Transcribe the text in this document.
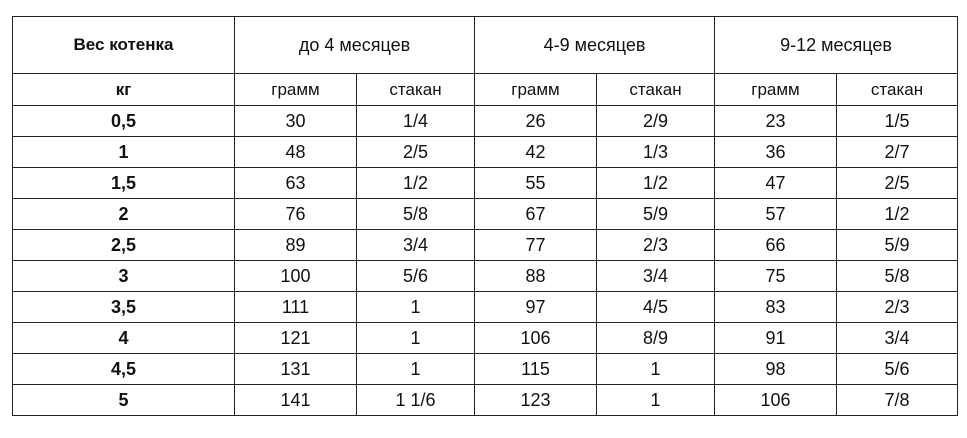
Вес котенка	до 4 месяцев		4-9 месяцев		9-12 месяцев	
кг	грамм	стакан	грамм	стакан	грамм	стакан
0,5	30	1/4	26	2/9	23	1/5
1	48	2/5	42	1/3	36	2/7
1,5	63	1/2	55	1/2	47	2/5
2	76	5/8	67	5/9	57	1/2
2,5	89	3/4	77	2/3	66	5/9
3	100	5/6	88	3/4	75	5/8
3,5	111	1	97	4/5	83	2/3
4	121	1	106	8/9	91	3/4
4,5	131	1	115	1	98	5/6
5	141	1 1/6	123	1	106	7/8
